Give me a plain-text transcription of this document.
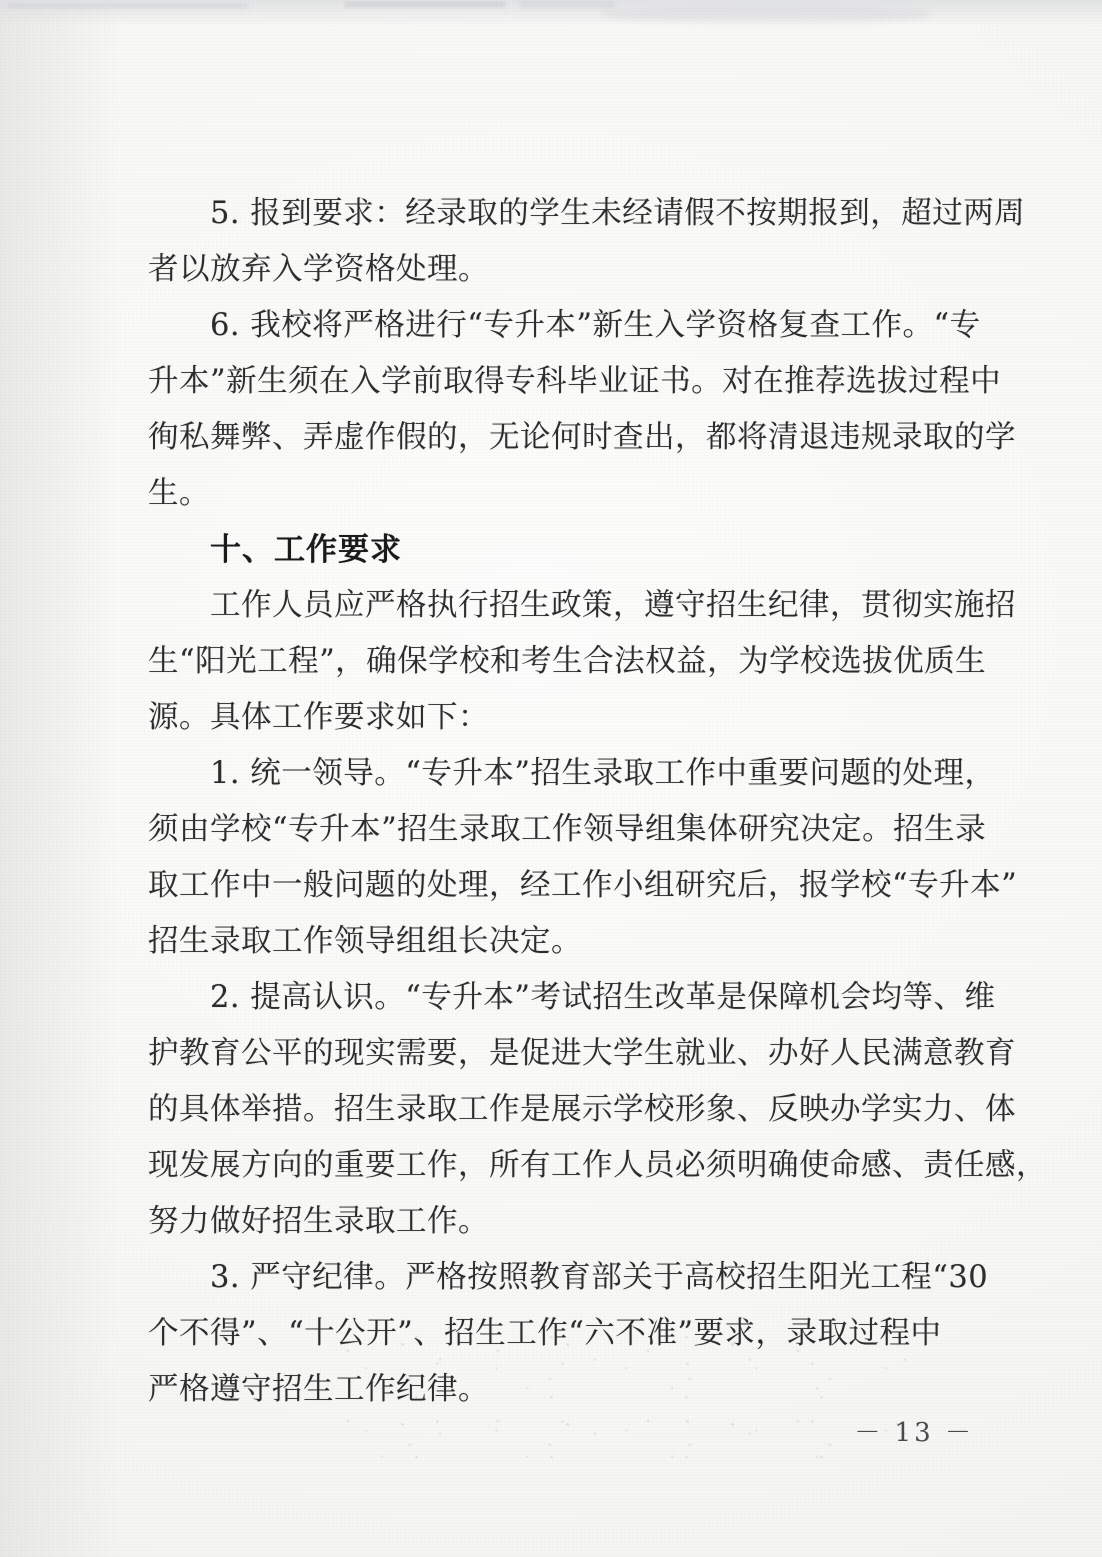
5. 报到要求：经录取的学生未经请假不按期报到，超过两周
者以放弃入学资格处理。
6. 我校将严格进行“专升本”新生入学资格复查工作。“专
升本”新生须在入学前取得专科毕业证书。对在推荐选拔过程中
徇私舞弊、弄虚作假的，无论何时查出，都将清退违规录取的学
生。
十、工作要求
工作人员应严格执行招生政策，遵守招生纪律，贯彻实施招
生“阳光工程”，确保学校和考生合法权益，为学校选拔优质生
源。具体工作要求如下：
1. 统一领导。“专升本”招生录取工作中重要问题的处理，
须由学校“专升本”招生录取工作领导组集体研究决定。招生录
取工作中一般问题的处理，经工作小组研究后，报学校“专升本”
招生录取工作领导组组长决定。
2. 提高认识。“专升本”考试招生改革是保障机会均等、维
护教育公平的现实需要，是促进大学生就业、办好人民满意教育
的具体举措。招生录取工作是展示学校形象、反映办学实力、体
现发展方向的重要工作，所有工作人员必须明确使命感、责任感，
努力做好招生录取工作。
3. 严守纪律。严格按照教育部关于高校招生阳光工程“30
个不得”、“十公开”、招生工作“六不准”要求，录取过程中
严格遵守招生工作纪律。
－ 13 －
